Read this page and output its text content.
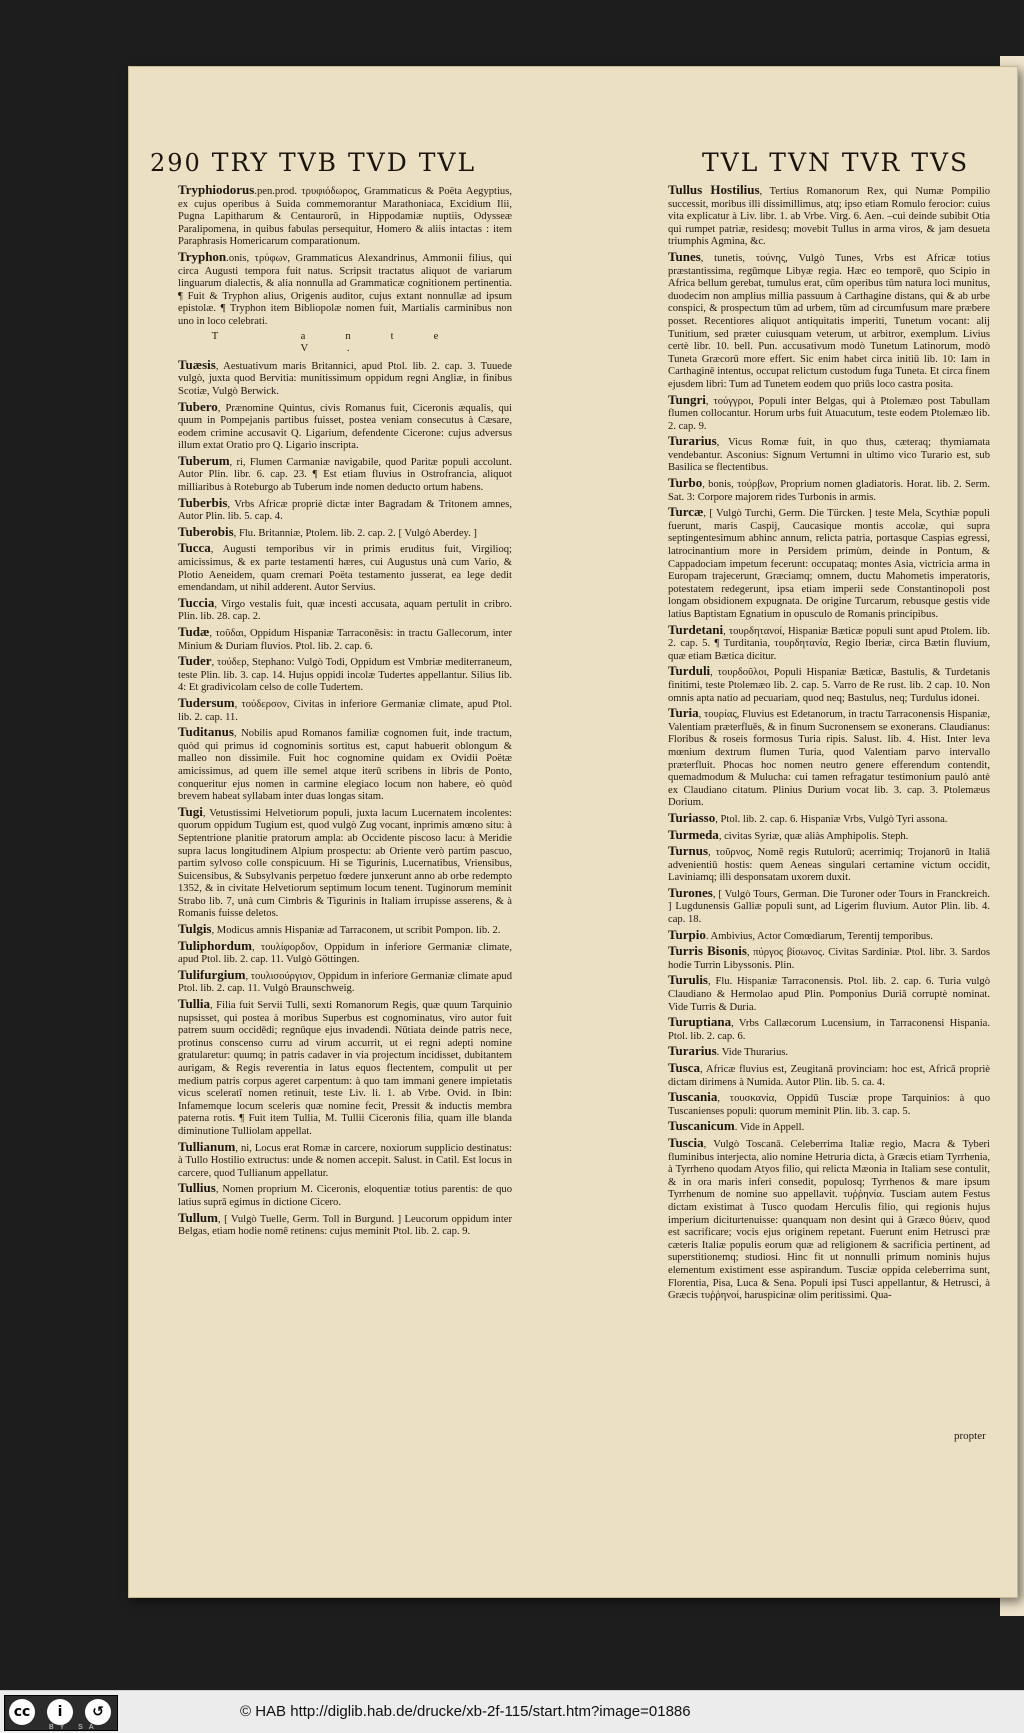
290 TRY TVB TVD TVL	TVL TVN TVR TVS
Tryphiodorus.pen.prod. τρυφιόδωρος, Grammaticus & Poëta Aegyptius, ex cujus operibus à Suida commemorantur Marathoniaca, Excidium Ilii, Pugna Lapitharum & Centaurorũ, in Hippodamiæ nuptiis, Odysseæ Paralipomena, in quibus fabulas persequitur, Homero & aliis intactas : item Paraphrasis Homericarum comparationum.
Tryphon.onis, τρύφων, Grammaticus Alexandrinus, Ammonii filius, qui circa Augusti tempora fuit natus. Scripsit tractatus aliquot de variarum linguarum dialectis, & alia nonnulla ad Grammaticæ cognitionem pertinentia. ¶ Fuit & Tryphon alius, Origenis auditor, cujus extant nonnullæ ad ipsum epistolæ. ¶ Tryphon item Bibliopolæ nomen fuit, Martialis carminibus non uno in loco celebrati.
T ante V.
Tuæsis, Aestuativum maris Britannici, apud Ptol. lib. 2. cap. 3. Tuuede vulgò, juxta quod Bervitia: munitissimum oppidum regni Angliæ, in finibus Scotiæ, Vulgò Berwick.
Tubero, Prænomine Quintus, civis Romanus fuit, Ciceronis æqualis, qui quum in Pompejanis partibus fuisset, postea veniam consecutus à Cæsare, eodem crimine accusavit Q. Ligarium, defendente Cicerone: cujus adversus illum extat Oratio pro Q. Ligario inscripta.
Tuberum, ri, Flumen Carmaniæ navigabile, quod Paritæ populi accolunt. Autor Plin. libr. 6. cap. 23. ¶ Est etiam fluvius in Ostrofrancia, aliquot milliaribus à Roteburgo ab Tuberum inde nomen deducto ortum habens.
Tuberbis, Vrbs Africæ propriè dictæ inter Bagradam & Tritonem amnes, Autor Plin. lib. 5. cap. 4.
Tuberobis, Flu. Britanniæ, Ptolem. lib. 2. cap. 2. [ Vulgò Aberdey. ]
Tucca, Augusti temporibus vir in primis eruditus fuit, Virgilioq; amicissimus, & ex parte testamenti hæres, cui Augustus unà cum Vario, & Plotio Aeneidem, quam cremari Poëta testamento jusserat, ea lege dedit emendandam, ut nihil adderent. Autor Servius.
Tuccia, Virgo vestalis fuit, quæ incesti accusata, aquam pertulit in cribro. Plin. lib. 28. cap. 2.
Tudæ, τοῦδαι, Oppidum Hispaniæ Tarraconēsis: in tractu Gallecorum, inter Minium & Duriam fluvios. Ptol. lib. 2. cap. 6.
Tuder, τούδερ, Stephano: Vulgò Todi, Oppidum est Vmbriæ mediterraneum, teste Plin. lib. 3. cap. 14. Hujus oppidi incolæ Tudertes appellantur. Silius lib. 4: Et gradivicolam celso de colle Tudertem.
Tudersum, τούδερσον, Civitas in inferiore Germaniæ climate, apud Ptol. lib. 2. cap. 11.
Tuditanus, Nobilis apud Romanos familiæ cognomen fuit, inde tractum, quòd qui primus id cognominis sortitus est, caput habuerit oblongum & malleo non dissimile. Fuit hoc cognomine quidam ex Ovidii Poëtæ amicissimus, ad quem ille semel atque iterū scribens in libris de Ponto, conqueritur ejus nomen in carmine elegiaco locum non habere, eò quòd brevem habeat syllabam inter duas longas sitam.
Tugi, Vetustissimi Helvetiorum populi, juxta lacum Lucernatem incolentes: quorum oppidum Tugium est, quod vulgò Zug vocant, inprimis amœno situ: à Septentrione planitie pratorum ampla: ab Occidente piscoso lacu: à Meridie supra lacus longitudinem Alpium prospectu: ab Oriente verò partim pascuo, partim sylvoso colle conspicuum. Hi se Tigurinis, Lucernatibus, Vriensibus, Suicensibus, & Subsylvanis perpetuo fœdere junxerunt anno ab orbe redempto 1352, & in civitate Helvetiorum septimum locum tenent. Tuginorum meminit Strabo lib. 7, unà cum Cimbris & Tigurinis in Italiam irrupisse asserens, & à Romanis fuisse deletos.
Tulgis, Modicus amnis Hispaniæ ad Tarraconem, ut scribit Pompon. lib. 2.
Tuliphordum, τουλίφορδον, Oppidum in inferiore Germaniæ climate, apud Ptol. lib. 2. cap. 11. Vulgò Göttingen.
Tulifurgium, τουλισούργιον, Oppidum in inferiore Germaniæ climate apud Ptol. lib. 2. cap. 11. Vulgò Braunschweig.
Tullia, Filia fuit Servii Tulli, sexti Romanorum Regis, quæ quum Tarquinio nupsisset, qui postea à moribus Superbus est cognominatus, viro autor fuit patrem suum occidēdi; regnūque ejus invadendi. Nūtiata deinde patris nece, protinus conscenso curru ad virum accurrit, ut ei regni adepti nomine gratularetur: quumq; in patris cadaver in via projectum incidisset, dubitantem aurigam, & Regis reverentia in latus equos flectentem, compulit ut per medium patris corpus ageret carpentum: à quo tam immani genere impietatis vicus sceleratī nomen retinuit, teste Liv. li. 1. ab Vrbe. Ovid. in Ibin: Infamemque locum sceleris quæ nomine fecit, Pressit & inductis membra paterna rotis. ¶ Fuit item Tullia, M. Tullii Ciceronis filia, quam ille blanda diminutione Tulliolam appellat.
Tullianum, ni, Locus erat Romæ in carcere, noxiorum supplicio destinatus: à Tullo Hostilio extructus: unde & nomen accepit. Salust. in Catil. Est locus in carcere, quod Tullianum appellatur.
Tullius, Nomen proprium M. Ciceronis, eloquentiæ totius parentis: de quo latius suprā egimus in dictione Cicero.
Tullum, [ Vulgò Tuelle, Germ. Toll in Burgund. ] Leucorum oppidum inter Belgas, etiam hodie nomē retinens: cujus meminit Ptol. lib. 2. cap. 9.
Tullus Hostilius, Tertius Romanorum Rex, qui Numæ Pompilio successit, moribus illi dissimillimus, atq; ipso etiam Romulo ferocior: cuius vita explicatur à Liv. libr. 1. ab Vrbe. Virg. 6. Aen. ‒cui deinde subibit Otia qui rumpet patriæ, residesq; movebit Tullus in arma viros, & jam desueta triumphis Agmina, &c.
Tunes, tunetis, τούνης, Vulgò Tunes, Vrbs est Africæ totius præstantissima, regūmque Libyæ regia. Hæc eo temporē, quo Scipio in Africa bellum gerebat, tumulus erat, cūm operibus tūm natura loci munitus, duodecim non amplius millia passuum à Carthagine distans, qui & ab urbe conspici, & prospectum tūm ad urbem, tūm ad circumfusum mare præbere posset. Recentiores aliquot antiquitatis imperiti, Tunetum vocant: alij Tunitium, sed præter cuiusquam veterum, ut arbitror, exemplum. Livius certè libr. 10. bell. Pun. accusativum modò Tunetum Latinorum, modò Tuneta Græcorū more effert. Sic enim habet circa initiū lib. 10: Iam in Carthaginē intentus, occupat relictum custodum fuga Tuneta. Et circa finem ejusdem libri: Tum ad Tunetem eodem quo priūs loco castra posita.
Tungri, τούγγροι, Populi inter Belgas, qui à Ptolemæo post Tabullam flumen collocantur. Horum urbs fuit Atuacutum, teste eodem Ptolemæo lib. 2. cap. 9.
Turarius, Vicus Romæ fuit, in quo thus, cæteraq; thymiamata vendebantur. Asconius: Signum Vertumni in ultimo vico Turario est, sub Basilica se flectentibus.
Turbo, bonis, τούρβων, Proprium nomen gladiatoris. Horat. lib. 2. Serm. Sat. 3: Corpore majorem rides Turbonis in armis.
Turcæ, [ Vulgò Turchi, Germ. Die Türcken. ] teste Mela, Scythiæ populi fuerunt, maris Caspij, Caucasique montis accolæ, qui supra septingentesimum abhinc annum, relicta patria, portasque Caspias egressi, latrocinantium more in Persidem primùm, deinde in Pontum, & Cappadociam impetum fecerunt: occupataq; montes Asia, victricia arma in Europam trajecerunt, Græciamq; omnem, ductu Mahometis imperatoris, potestatem redegerunt, ipsa etiam imperii sede Constantinopoli post longam obsidionem expugnata. De origine Turcarum, rebusque gestis vide latius Baptistam Egnatium in opusculo de Romanis principibus.
Turdetani, τουρδητανοί, Hispaniæ Bæticæ populi sunt apud Ptolem. lib. 2. cap. 5. ¶ Turditania, τουρδητανία, Regio Iberiæ, circa Bætin fluvium, quæ etiam Bætica dicitur.
Turduli, τουρδοῦλοι, Populi Hispaniæ Bæticæ, Bastulis, & Turdetanis finitimi, teste Ptolemæo lib. 2. cap. 5. Varro de Re rust. lib. 2 cap. 10. Non omnis apta natio ad pecuariam, quod neq; Bastulus, neq; Turdulus idonei.
Turia, τουρίας, Fluvius est Edetanorum, in tractu Tarraconensis Hispaniæ, Valentiam præterfluēs, & in finum Sucronensem se exonerans. Claudianus: Floribus & roseis formosus Turia ripis. Salust. lib. 4. Hist. Inter leva mœnium dextrum flumen Turia, quod Valentiam parvo intervallo præterfluit. Phocas hoc nomen neutro genere efferendum contendit, quemadmodum & Mulucha: cui tamen refragatur testimonium paulò antè ex Claudiano citatum. Plinius Durium vocat lib. 3. cap. 3. Ptolemæus Dorium.
Turiasso, Ptol. lib. 2. cap. 6. Hispaniæ Vrbs, Vulgò Tyri assona.
Turmeda, civitas Syriæ, quæ aliàs Amphipolis. Steph.
Turnus, τοῦρνος, Nomē regis Rutulorū; acerrimiq; Trojanorū in Italiā advenientiū hostis: quem Aeneas singulari certamine victum occidit, Laviniamq; illi desponsatam uxorem duxit.
Turones, [ Vulgò Tours, German. Die Turoner oder Tours in Franckreich. ] Lugdunensis Galliæ populi sunt, ad Ligerim fluvium. Autor Plin. lib. 4. cap. 18.
Turpio. Ambivius, Actor Comœdiarum, Terentij temporibus.
Turris Bisonis, πύργος βίσωνος. Civitas Sardiniæ. Ptol. libr. 3. Sardos hodie Turrin Libyssonis. Plin.
Turulis, Flu. Hispaniæ Tarraconensis. Ptol. lib. 2. cap. 6. Turia vulgò Claudiano & Hermolao apud Plin. Pomponius Duriā corruptè nominat. Vide Turris & Duria.
Turuptiana, Vrbs Callæcorum Lucensium, in Tarraconensi Hispania. Ptol. lib. 2. cap. 6.
Turarius. Vide Thurarius.
Tusca, Africæ fluvius est, Zeugitanā provinciam: hoc est, Africā propriè dictam dirimens à Numida. Autor Plin. lib. 5. ca. 4.
Tuscania, τουσκανία, Oppidū Tusciæ prope Tarquinios: à quo Tuscanienses populi: quorum meminit Plin. lib. 3. cap. 5.
Tuscanicum. Vide in Appell.
Tuscia, Vulgò Toscanā. Celeberrima Italiæ regio, Macra & Tyberi fluminibus interjecta, alio nomine Hetruria dicta, à Græcis etiam Tyrrhenia, à Tyrrheno quodam Atyos filio, qui relicta Mæonia in Italiam sese contulit, & in ora maris inferi consedit, populosq; Tyrrhenos & mare ipsum Tyrrhenum de nomine suo appellavit. τυῤῥηνία. Tusciam autem Festus dictam existimat à Tusco quodam Herculis filio, qui regionis hujus imperium diciturtenuisse: quanquam non desint qui à Græco θύειν, quod est sacrificare; vocis ejus originem repetant. Fuerunt enim Hetrusci præ cæteris Italiæ populis eorum quæ ad religionem & sacrificia pertinent, ad superstitionemq; studiosi. Hinc fit ut nonnulli primum nominis hujus elementum existiment esse aspirandum. Tusciæ oppida celeberrima sunt, Florentia, Pisa, Luca & Sena. Populi ipsi Tusci appellantur, & Hetrusci, à Græcis τυῤῥηνοί, haruspicinæ olim peritissimi. Qua-
propter
cc	i	↺
BY SA
© HAB http://diglib.hab.de/drucke/xb-2f-115/start.htm?image=01886
